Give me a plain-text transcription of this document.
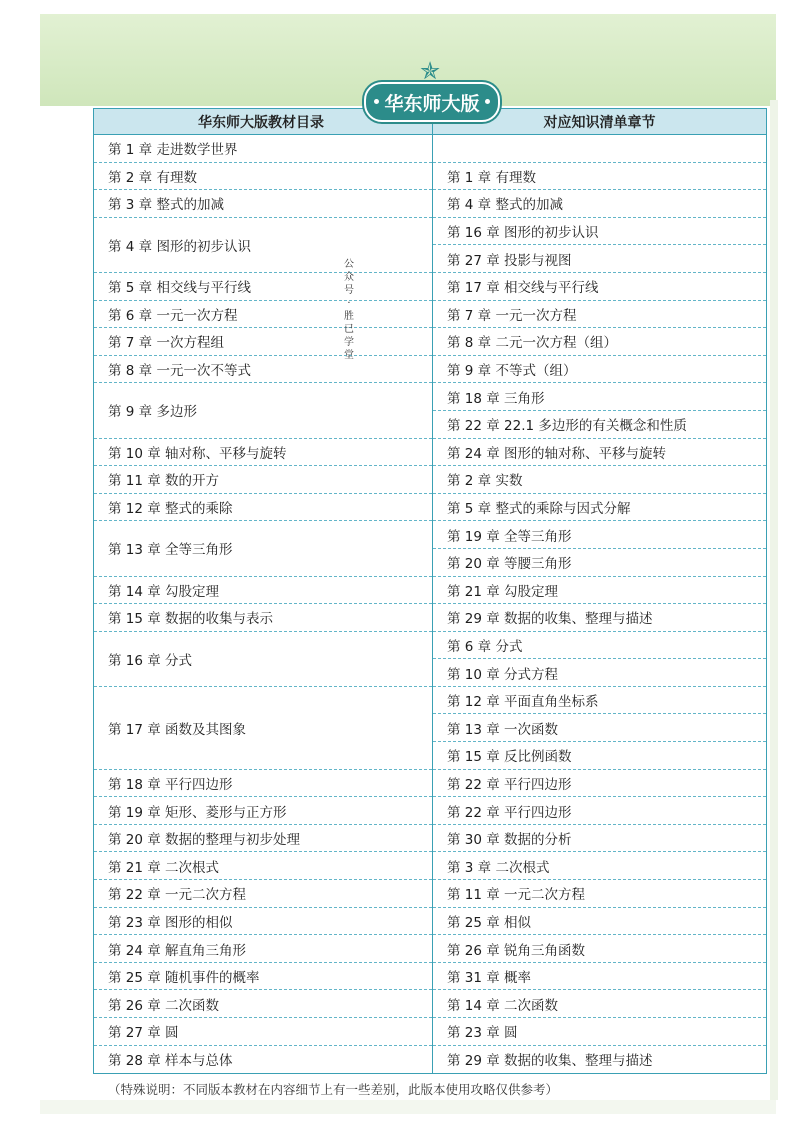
✯
华东师大版
华东师大版教材目录
第 1 章 走进数学世界
第 2 章 有理数
第 3 章 整式的加减
第 4 章 图形的初步认识
第 5 章 相交线与平行线
第 6 章 一元一次方程
第 7 章 一次方程组
第 8 章 一元一次不等式
第 9 章 多边形
第 10 章 轴对称、平移与旋转
第 11 章 数的开方
第 12 章 整式的乘除
第 13 章 全等三角形
第 14 章 勾股定理
第 15 章 数据的收集与表示
第 16 章 分式
第 17 章 函数及其图象
第 18 章 平行四边形
第 19 章 矩形、菱形与正方形
第 20 章 数据的整理与初步处理
第 21 章 二次根式
第 22 章 一元二次方程
第 23 章 图形的相似
第 24 章 解直角三角形
第 25 章 随机事件的概率
第 26 章 二次函数
第 27 章 圆
第 28 章 样本与总体
对应知识清单章节
第 1 章 有理数
第 4 章 整式的加减
第 16 章 图形的初步认识
第 27 章 投影与视图
第 17 章 相交线与平行线
第 7 章 一元一次方程
第 8 章 二元一次方程（组）
第 9 章 不等式（组）
第 18 章 三角形
第 22 章 22.1 多边形的有关概念和性质
第 24 章 图形的轴对称、平移与旋转
第 2 章 实数
第 5 章 整式的乘除与因式分解
第 19 章 全等三角形
第 20 章 等腰三角形
第 21 章 勾股定理
第 29 章 数据的收集、整理与描述
第 6 章 分式
第 10 章 分式方程
第 12 章 平面直角坐标系
第 13 章 一次函数
第 15 章 反比例函数
第 22 章 平行四边形
第 22 章 平行四边形
第 30 章 数据的分析
第 3 章 二次根式
第 11 章 一元二次方程
第 25 章 相似
第 26 章 锐角三角函数
第 31 章 概率
第 14 章 二次函数
第 23 章 圆
第 29 章 数据的收集、整理与描述
公
众
号
·
胜
已
学
堂
（特殊说明：不同版本教材在内容细节上有一些差别，此版本使用攻略仅供参考）
